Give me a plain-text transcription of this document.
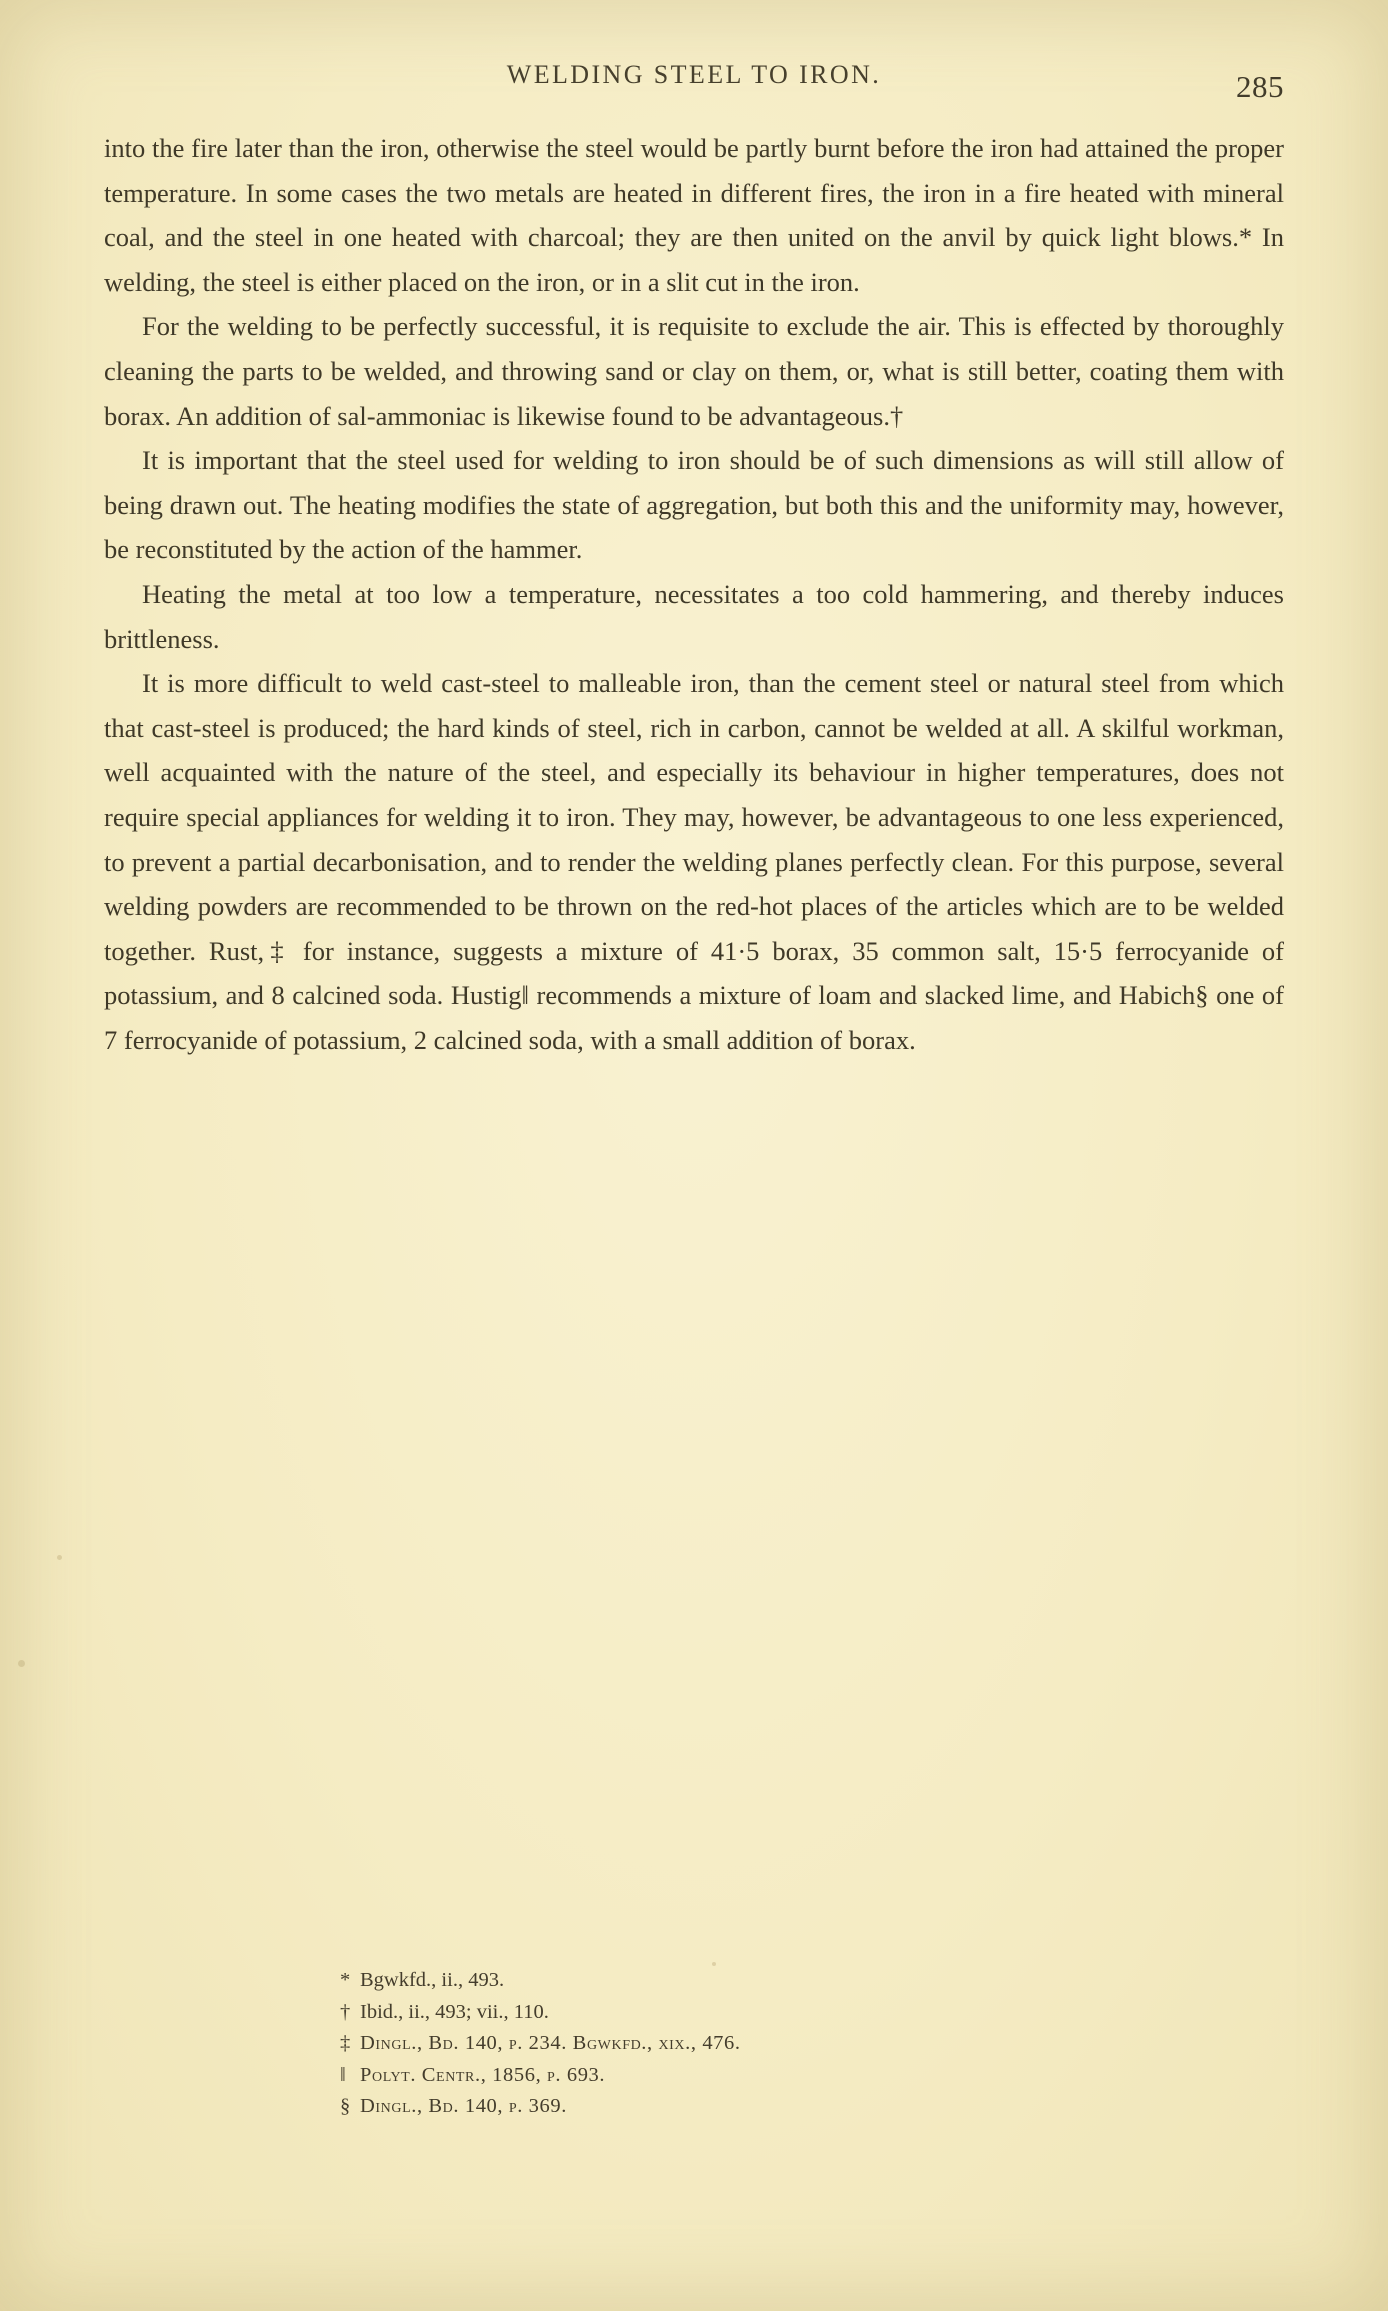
WELDING STEEL TO IRON.	285

into the fire later than the iron, otherwise the steel would be partly burnt before the iron had attained the proper temperature. In some cases the two metals are heated in different fires, the iron in a fire heated with mineral coal, and the steel in one heated with charcoal; they are then united on the anvil by quick light blows.* In welding, the steel is either placed on the iron, or in a slit cut in the iron.

For the welding to be perfectly successful, it is requisite to exclude the air. This is effected by thoroughly cleaning the parts to be welded, and throwing sand or clay on them, or, what is still better, coating them with borax. An addition of sal-ammoniac is likewise found to be advantageous.†

It is important that the steel used for welding to iron should be of such dimensions as will still allow of being drawn out. The heating modifies the state of aggregation, but both this and the uniformity may, however, be reconstituted by the action of the hammer.

Heating the metal at too low a temperature, necessitates a too cold hammering, and thereby induces brittleness.

It is more difficult to weld cast-steel to malleable iron, than the cement steel or natural steel from which that cast-steel is produced; the hard kinds of steel, rich in carbon, cannot be welded at all. A skilful workman, well acquainted with the nature of the steel, and especially its behaviour in higher temperatures, does not require special appliances for welding it to iron. They may, however, be advantageous to one less experienced, to prevent a partial decarbonisation, and to render the welding planes perfectly clean. For this purpose, several welding powders are recommended to be thrown on the red-hot places of the articles which are to be welded together. Rust,‡ for instance, suggests a mixture of 41·5 borax, 35 common salt, 15·5 ferrocyanide of potassium, and 8 calcined soda. Hustig‖ recommends a mixture of loam and slacked lime, and Habich§ one of 7 ferrocyanide of potassium, 2 calcined soda, with a small addition of borax.

* Bgwkfd., ii., 493.
† Ibid., ii., 493; vii., 110.
‡ Dingl., Bd. 140, p. 234. Bgwkfd., xix., 476.
‖ Polyt. Centr., 1856, p. 693.
§ Dingl., Bd. 140, p. 369.
